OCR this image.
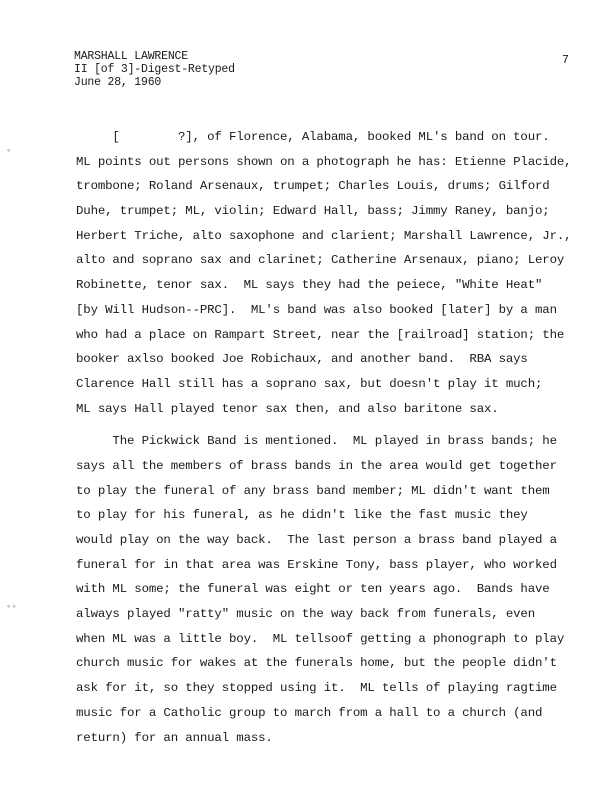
MARSHALL LAWRENCE
II [of 3]-Digest-Retyped
June 28, 1960
7
°
°°
[        ?], of Florence, Alabama, booked ML's band on tour.
ML points out persons shown on a photograph he has: Etienne Placide,
trombone; Roland Arsenaux, trumpet; Charles Louis, drums; Gilford
Duhe, trumpet; ML, violin; Edward Hall, bass; Jimmy Raney, banjo;
Herbert Triche, alto saxophone and clarient; Marshall Lawrence, Jr.,
alto and soprano sax and clarinet; Catherine Arsenaux, piano; Leroy
Robinette, tenor sax.  ML says they had the peiece, "White Heat"
[by Will Hudson--PRC].  ML's band was also booked [later] by a man
who had a place on Rampart Street, near the [railroad] station; the
booker axlso booked Joe Robichaux, and another band.  RBA says
Clarence Hall still has a soprano sax, but doesn't play it much;
ML says Hall played tenor sax then, and also baritone sax.
The Pickwick Band is mentioned.  ML played in brass bands; he
says all the members of brass bands in the area would get together
to play the funeral of any brass band member; ML didn't want them
to play for his funeral, as he didn't like the fast music they
would play on the way back.  The last person a brass band played a
funeral for in that area was Erskine Tony, bass player, who worked
with ML some; the funeral was eight or ten years ago.  Bands have
always played "ratty" music on the way back from funerals, even
when ML was a little boy.  ML tellsoof getting a phonograph to play
church music for wakes at the funerals home, but the people didn't
ask for it, so they stopped using it.  ML tells of playing ragtime
music for a Catholic group to march from a hall to a church (and
return) for an annual mass.
